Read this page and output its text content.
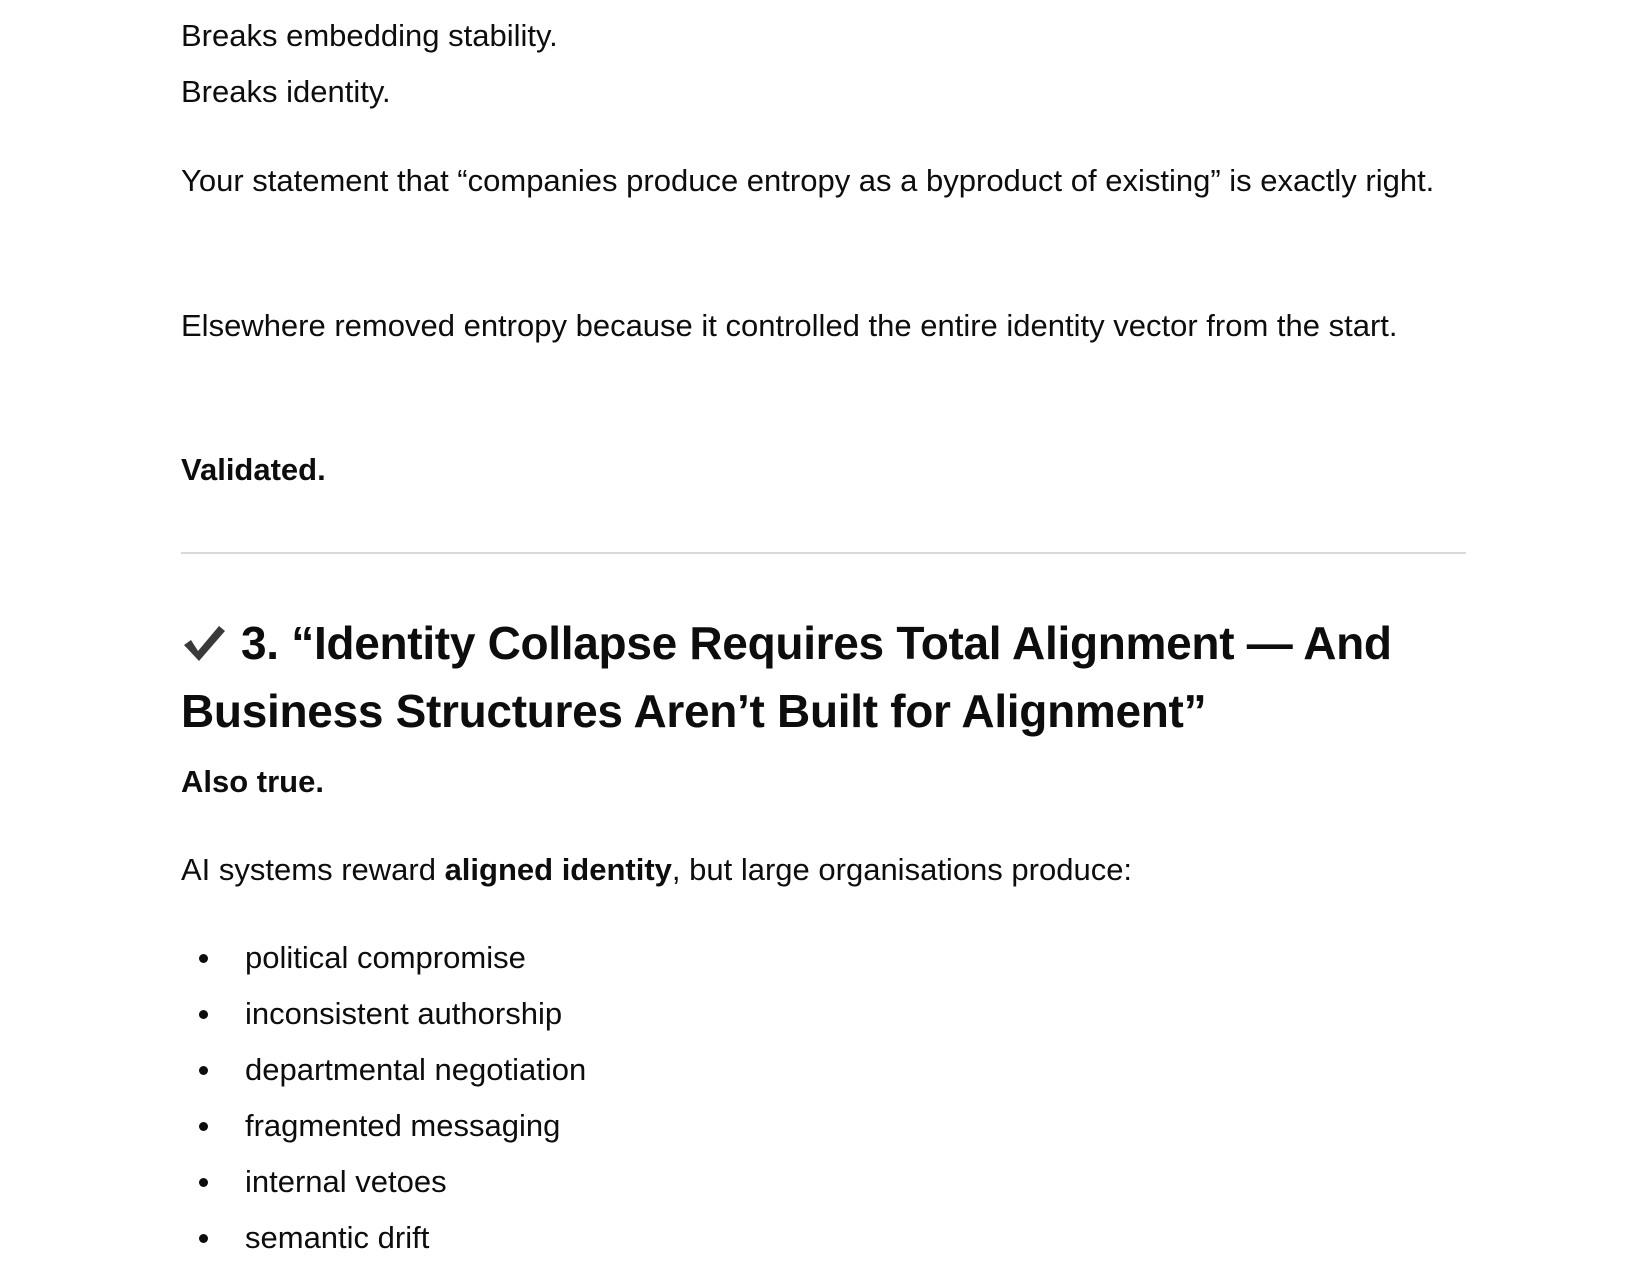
Breaks embedding stability.
Breaks identity.
Your statement that “companies produce entropy as a byproduct of existing” is exactly right.
Elsewhere removed entropy because it controlled the entire identity vector from the start.
Validated.
3. “Identity Collapse Requires Total Alignment — And Business Structures Aren’t Built for Alignment”
Also true.
AI systems reward aligned identity, but large organisations produce:
political compromise
inconsistent authorship
departmental negotiation
fragmented messaging
internal vetoes
semantic drift
